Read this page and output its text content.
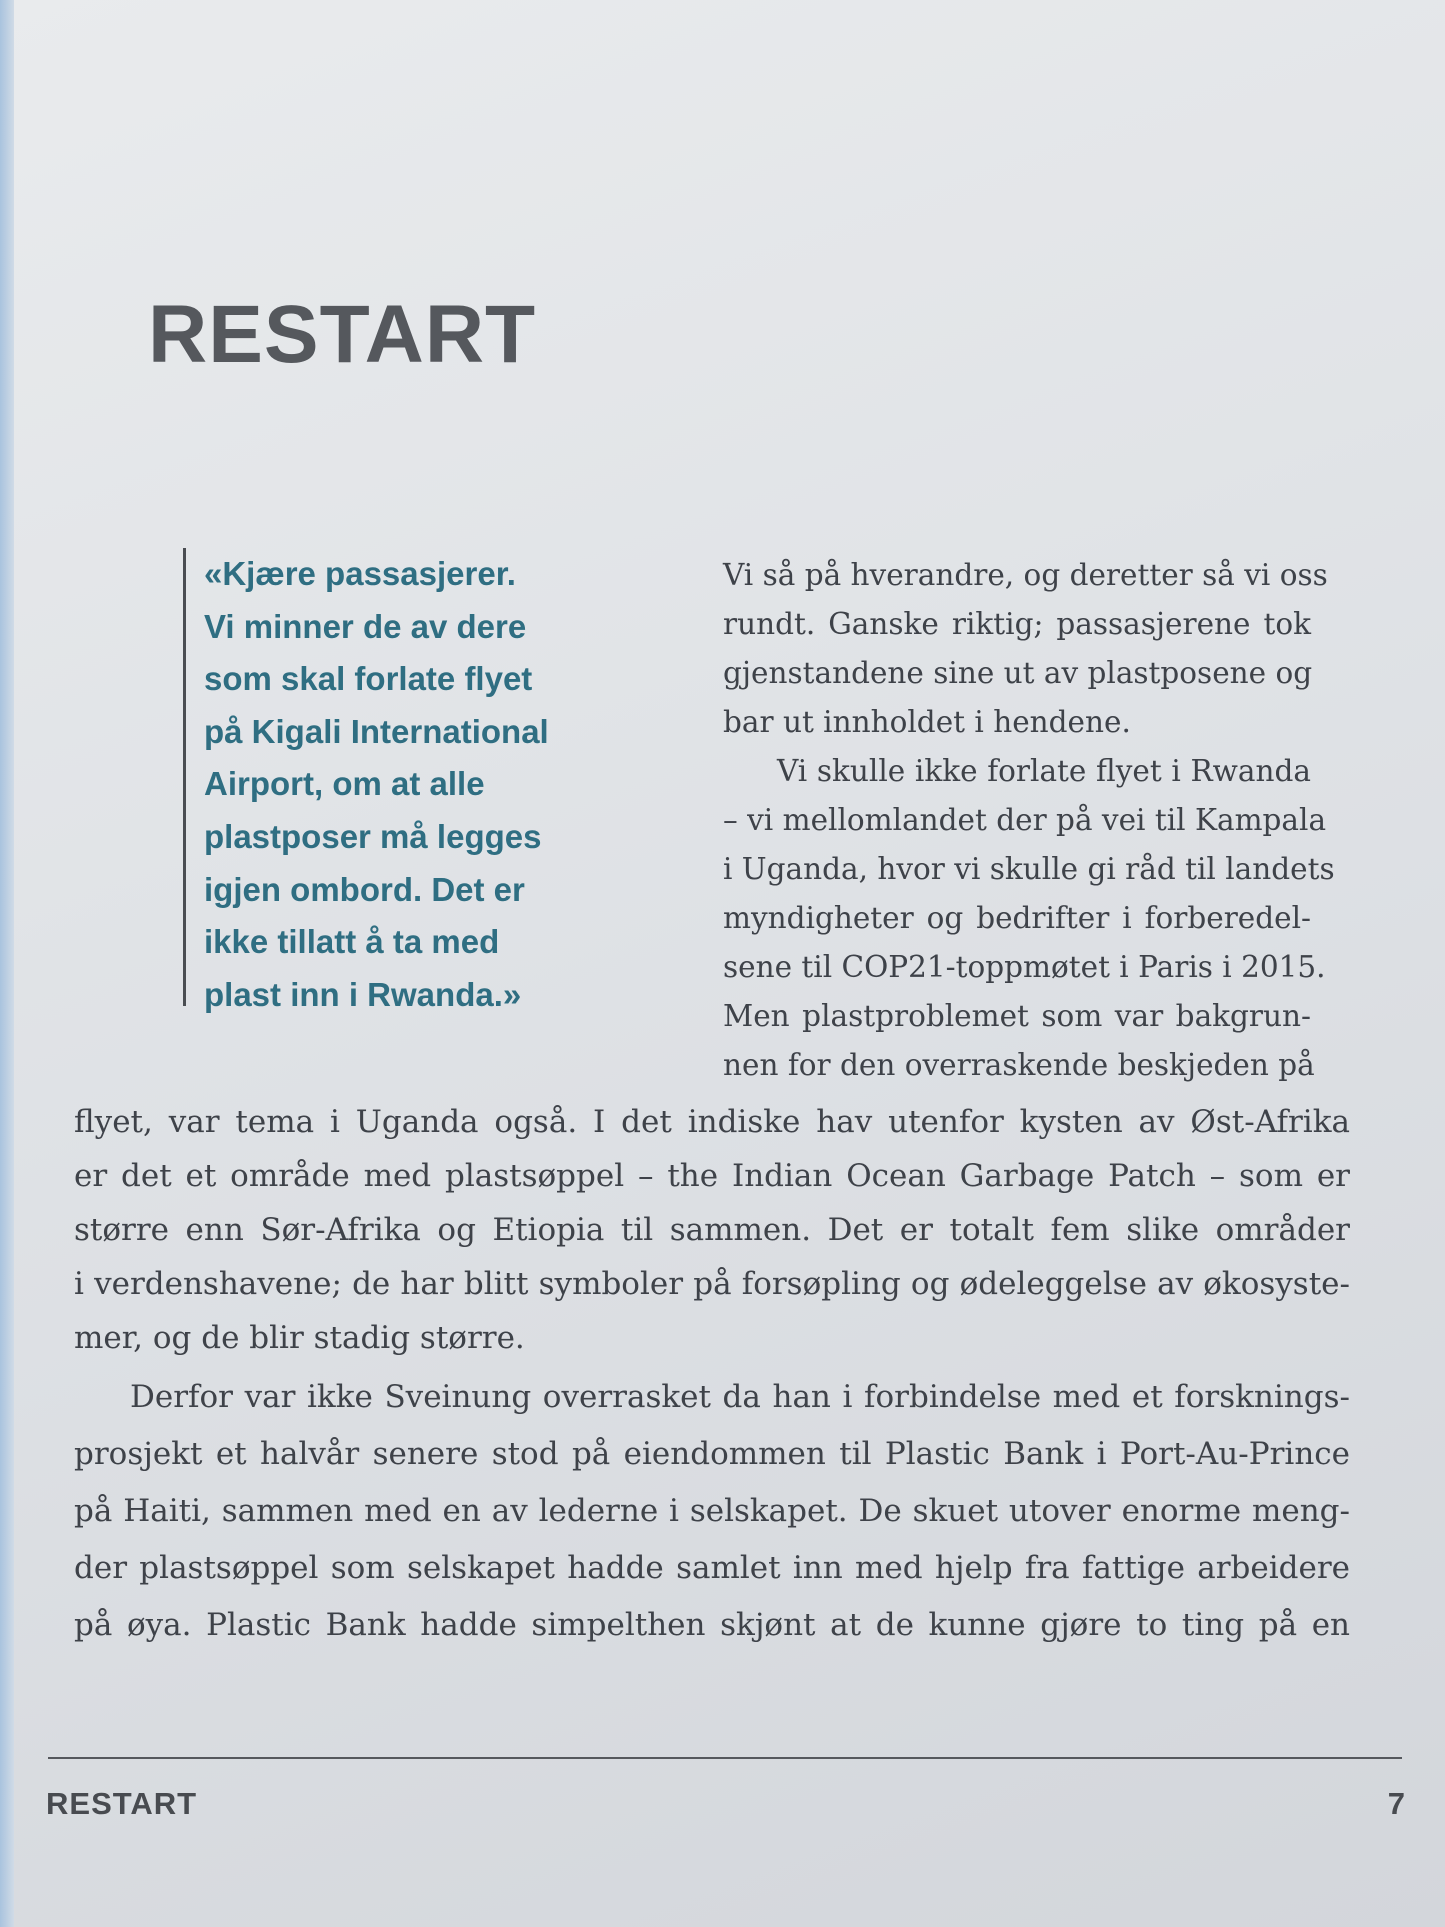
RESTART

«Kjære passasjerer.
Vi minner de av dere
som skal forlate flyet
på Kigali International
Airport, om at alle
plastposer må legges
igjen ombord. Det er
ikke tillatt å ta med
plast inn i Rwanda.»

Vi så på hverandre, og deretter så vi oss
rundt. Ganske riktig; passasjerene tok
gjenstandene sine ut av plastposene og
bar ut innholdet i hendene.
Vi skulle ikke forlate flyet i Rwanda
– vi mellomlandet der på vei til Kampala
i Uganda, hvor vi skulle gi råd til landets
myndigheter og bedrifter i forberedel-
sene til COP21-toppmøtet i Paris i 2015.
Men plastproblemet som var bakgrun-
nen for den overraskende beskjeden på
flyet, var tema i Uganda også. I det indiske hav utenfor kysten av Øst-Afrika
er det et område med plastsøppel – the Indian Ocean Garbage Patch – som er
større enn Sør-Afrika og Etiopia til sammen. Det er totalt fem slike områder
i verdenshavene; de har blitt symboler på forsøpling og ødeleggelse av økosyste-
mer, og de blir stadig større.
Derfor var ikke Sveinung overrasket da han i forbindelse med et forsknings-
prosjekt et halvår senere stod på eiendommen til Plastic Bank i Port-Au-Prince
på Haiti, sammen med en av lederne i selskapet. De skuet utover enorme meng-
der plastsøppel som selskapet hadde samlet inn med hjelp fra fattige arbeidere
på øya. Plastic Bank hadde simpelthen skjønt at de kunne gjøre to ting på en
RESTART	7
